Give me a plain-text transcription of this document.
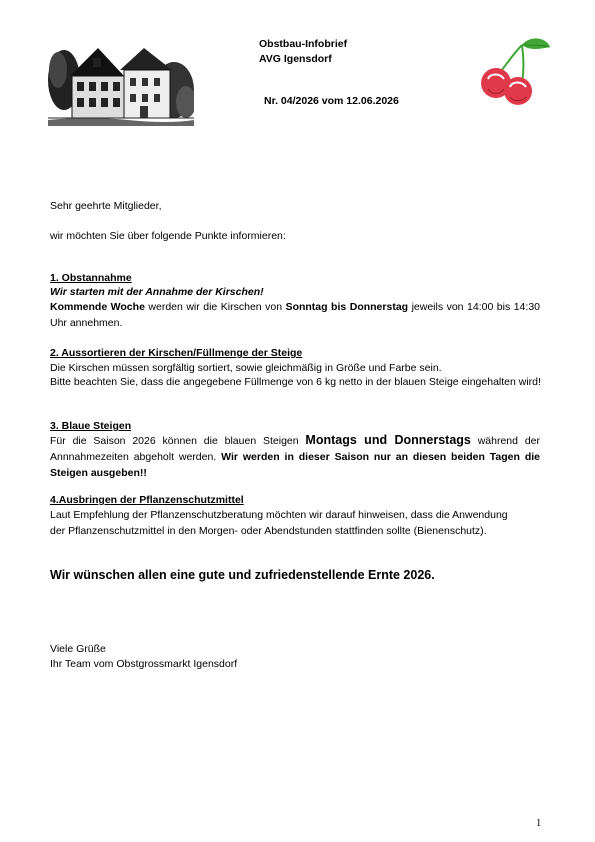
Obstbau-Infobrief
AVG Igensdorf
Nr. 04/2026 vom 12.06.2026
Sehr geehrte Mitglieder,
wir möchten Sie über folgende Punkte informieren:
1. Obstannahme
Wir starten mit der Annahme der Kirschen!
Kommende Woche werden wir die Kirschen von Sonntag bis Donnerstag jeweils von 14:00 bis 14:30 Uhr annehmen.
2. Aussortieren der Kirschen/Füllmenge der Steige
Die Kirschen müssen sorgfältig sortiert, sowie gleichmäßig in Größe und Farbe sein.
Bitte beachten Sie, dass die angegebene Füllmenge von 6 kg netto in der blauen Steige eingehalten wird!
3. Blaue Steigen
Für die Saison 2026 können die blauen Steigen Montags und Donnerstags während der Annnahmezeiten abgeholt werden. Wir werden in dieser Saison nur an diesen beiden Tagen die Steigen ausgeben!!
4.Ausbringen der Pflanzenschutzmittel
Laut Empfehlung der Pflanzenschutzberatung möchten wir darauf hinweisen, dass die Anwendung der Pflanzenschutzmittel in den Morgen- oder Abendstunden stattfinden sollte (Bienenschutz).
Wir wünschen allen eine gute und zufriedenstellende Ernte 2026.
Viele Grüße
Ihr Team vom Obstgrossmarkt Igensdorf
1
